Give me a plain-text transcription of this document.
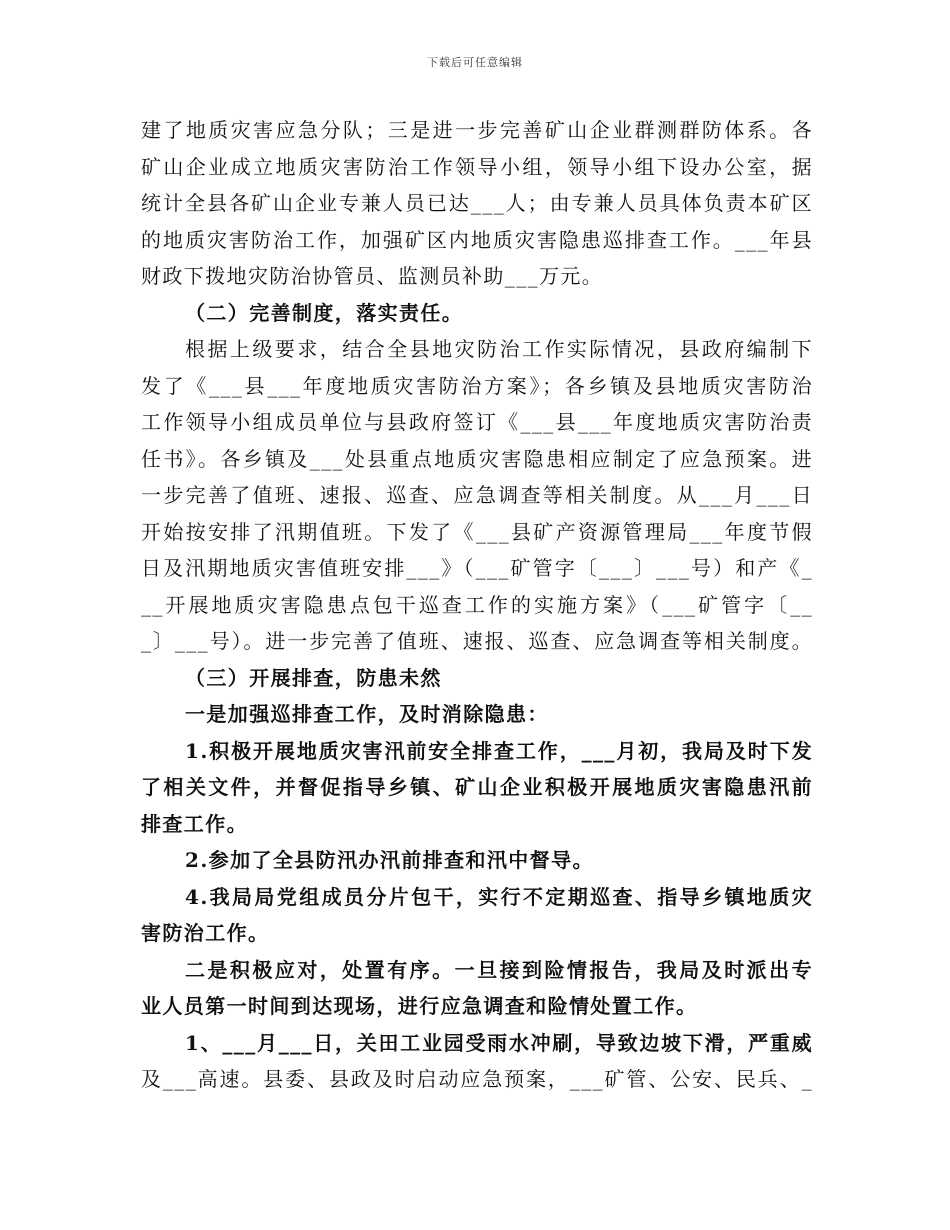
下载后可任意编辑
建了地质灾害应急分队；三是进一步完善矿山企业群测群防体系。各
矿山企业成立地质灾害防治工作领导小组，领导小组下设办公室，据
统计全县各矿山企业专兼人员已达___人；由专兼人员具体负责本矿区
的地质灾害防治工作，加强矿区内地质灾害隐患巡排查工作。___年县
财政下拨地灾防治协管员、监测员补助___万元。
（二）完善制度，落实责任。
根据上级要求，结合全县地灾防治工作实际情况，县政府编制下
发了《___县___年度地质灾害防治方案》；各乡镇及县地质灾害防治
工作领导小组成员单位与县政府签订《___县___年度地质灾害防治责
任书》。各乡镇及___处县重点地质灾害隐患相应制定了应急预案。进
一步完善了值班、速报、巡查、应急调查等相关制度。从___月___日
开始按安排了汛期值班。下发了《___县矿产资源管理局___年度节假
日及汛期地质灾害值班安排___》（___矿管字〔___〕___号）和产《_
__开展地质灾害隐患点包干巡查工作的实施方案》（___矿管字〔__
_〕___号）。进一步完善了值班、速报、巡查、应急调查等相关制度。
（三）开展排查，防患未然
一是加强巡排查工作，及时消除隐患：
1.积极开展地质灾害汛前安全排查工作，___月初，我局及时下发
了相关文件，并督促指导乡镇、矿山企业积极开展地质灾害隐患汛前
排查工作。
2.参加了全县防汛办汛前排查和汛中督导。
4.我局局党组成员分片包干，实行不定期巡查、指导乡镇地质灾
害防治工作。
二是积极应对，处置有序。一旦接到险情报告，我局及时派出专
业人员第一时间到达现场，进行应急调查和险情处置工作。
1、___月___日，关田工业园受雨水冲刷，导致边坡下滑，严重威
及___高速。县委、县政及时启动应急预案，___矿管、公安、民兵、_
